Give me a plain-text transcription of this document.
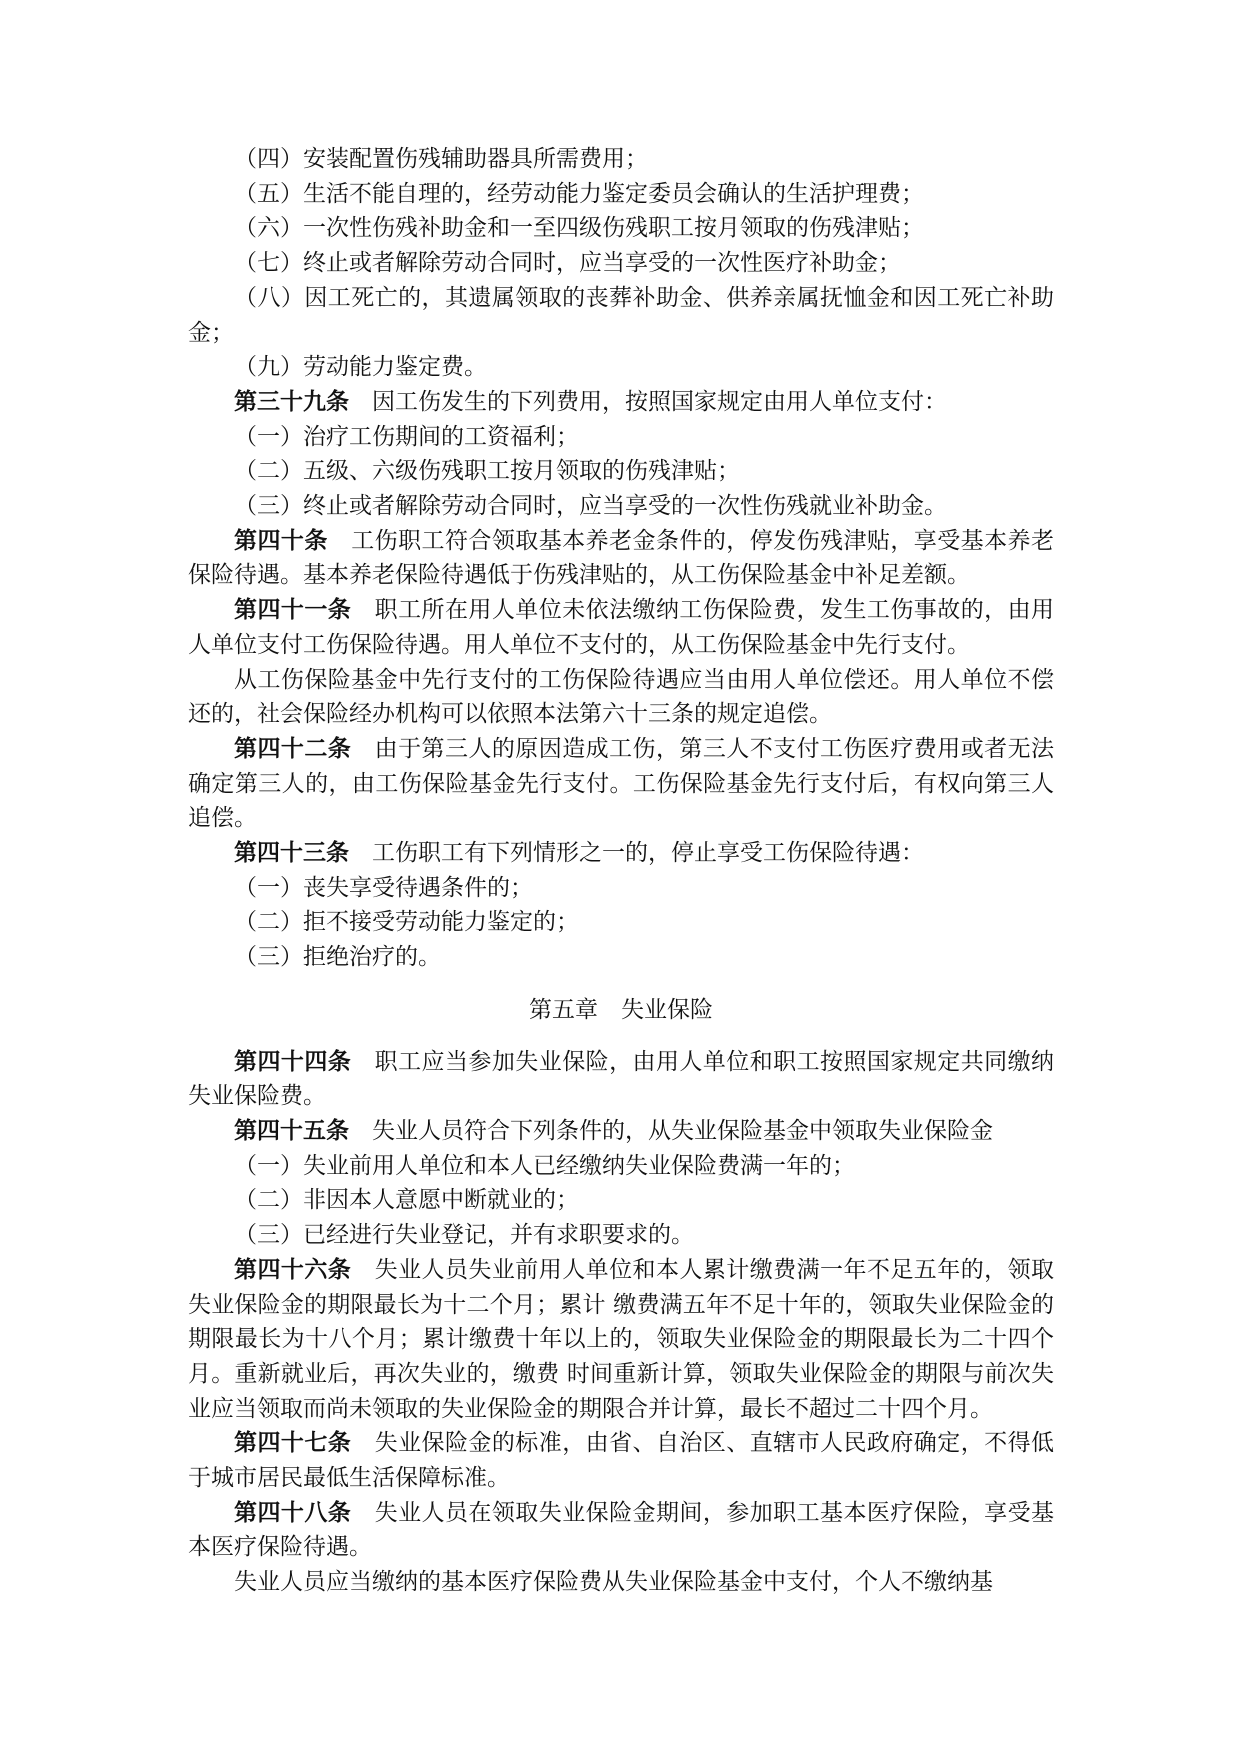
（四）安装配置伤残辅助器具所需费用；
（五）生活不能自理的，经劳动能力鉴定委员会确认的生活护理费；
（六）一次性伤残补助金和一至四级伤残职工按月领取的伤残津贴；
（七）终止或者解除劳动合同时，应当享受的一次性医疗补助金；

（八）因工死亡的，其遗属领取的丧葬补助金、供养亲属抚恤金和因工死亡补助金；

（九）劳动能力鉴定费。

第三十九条 因工伤发生的下列费用，按照国家规定由用人单位支付：

（一）治疗工伤期间的工资福利；
（二）五级、六级伤残职工按月领取的伤残津贴；
（三）终止或者解除劳动合同时，应当享受的一次性伤残就业补助金。

第四十条 工伤职工符合领取基本养老金条件的，停发伤残津贴，享受基本养老保险待遇。基本养老保险待遇低于伤残津贴的，从工伤保险基金中补足差额。

第四十一条 职工所在用人单位未依法缴纳工伤保险费，发生工伤事故的，由用人单位支付工伤保险待遇。用人单位不支付的，从工伤保险基金中先行支付。

从工伤保险基金中先行支付的工伤保险待遇应当由用人单位偿还。用人单位不偿还的，社会保险经办机构可以依照本法第六十三条的规定追偿。

第四十二条 由于第三人的原因造成工伤，第三人不支付工伤医疗费用或者无法确定第三人的，由工伤保险基金先行支付。工伤保险基金先行支付后，有权向第三人追偿。

第四十三条 工伤职工有下列情形之一的，停止享受工伤保险待遇：

（一）丧失享受待遇条件的；
（二）拒不接受劳动能力鉴定的；
（三）拒绝治疗的。
第五章　失业保险

第四十四条 职工应当参加失业保险，由用人单位和职工按照国家规定共同缴纳失业保险费。

第四十五条 失业人员符合下列条件的，从失业保险基金中领取失业保险金

（一）失业前用人单位和本人已经缴纳失业保险费满一年的；
（二）非因本人意愿中断就业的；
（三）已经进行失业登记，并有求职要求的。

第四十六条 失业人员失业前用人单位和本人累计缴费满一年不足五年的，领取失业保险金的期限最长为十二个月；累计 缴费满五年不足十年的，领取失业保险金的期限最长为十八个月；累计缴费十年以上的，领取失业保险金的期限最长为二十四个月。重新就业后，再次失业的，缴费 时间重新计算，领取失业保险金的期限与前次失业应当领取而尚未领取的失业保险金的期限合并计算，最长不超过二十四个月。

第四十七条 失业保险金的标准，由省、自治区、直辖市人民政府确定，不得低于城市居民最低生活保障标准。

第四十八条 失业人员在领取失业保险金期间，参加职工基本医疗保险，享受基本医疗保险待遇。

失业人员应当缴纳的基本医疗保险费从失业保险基金中支付，个人不缴纳基
